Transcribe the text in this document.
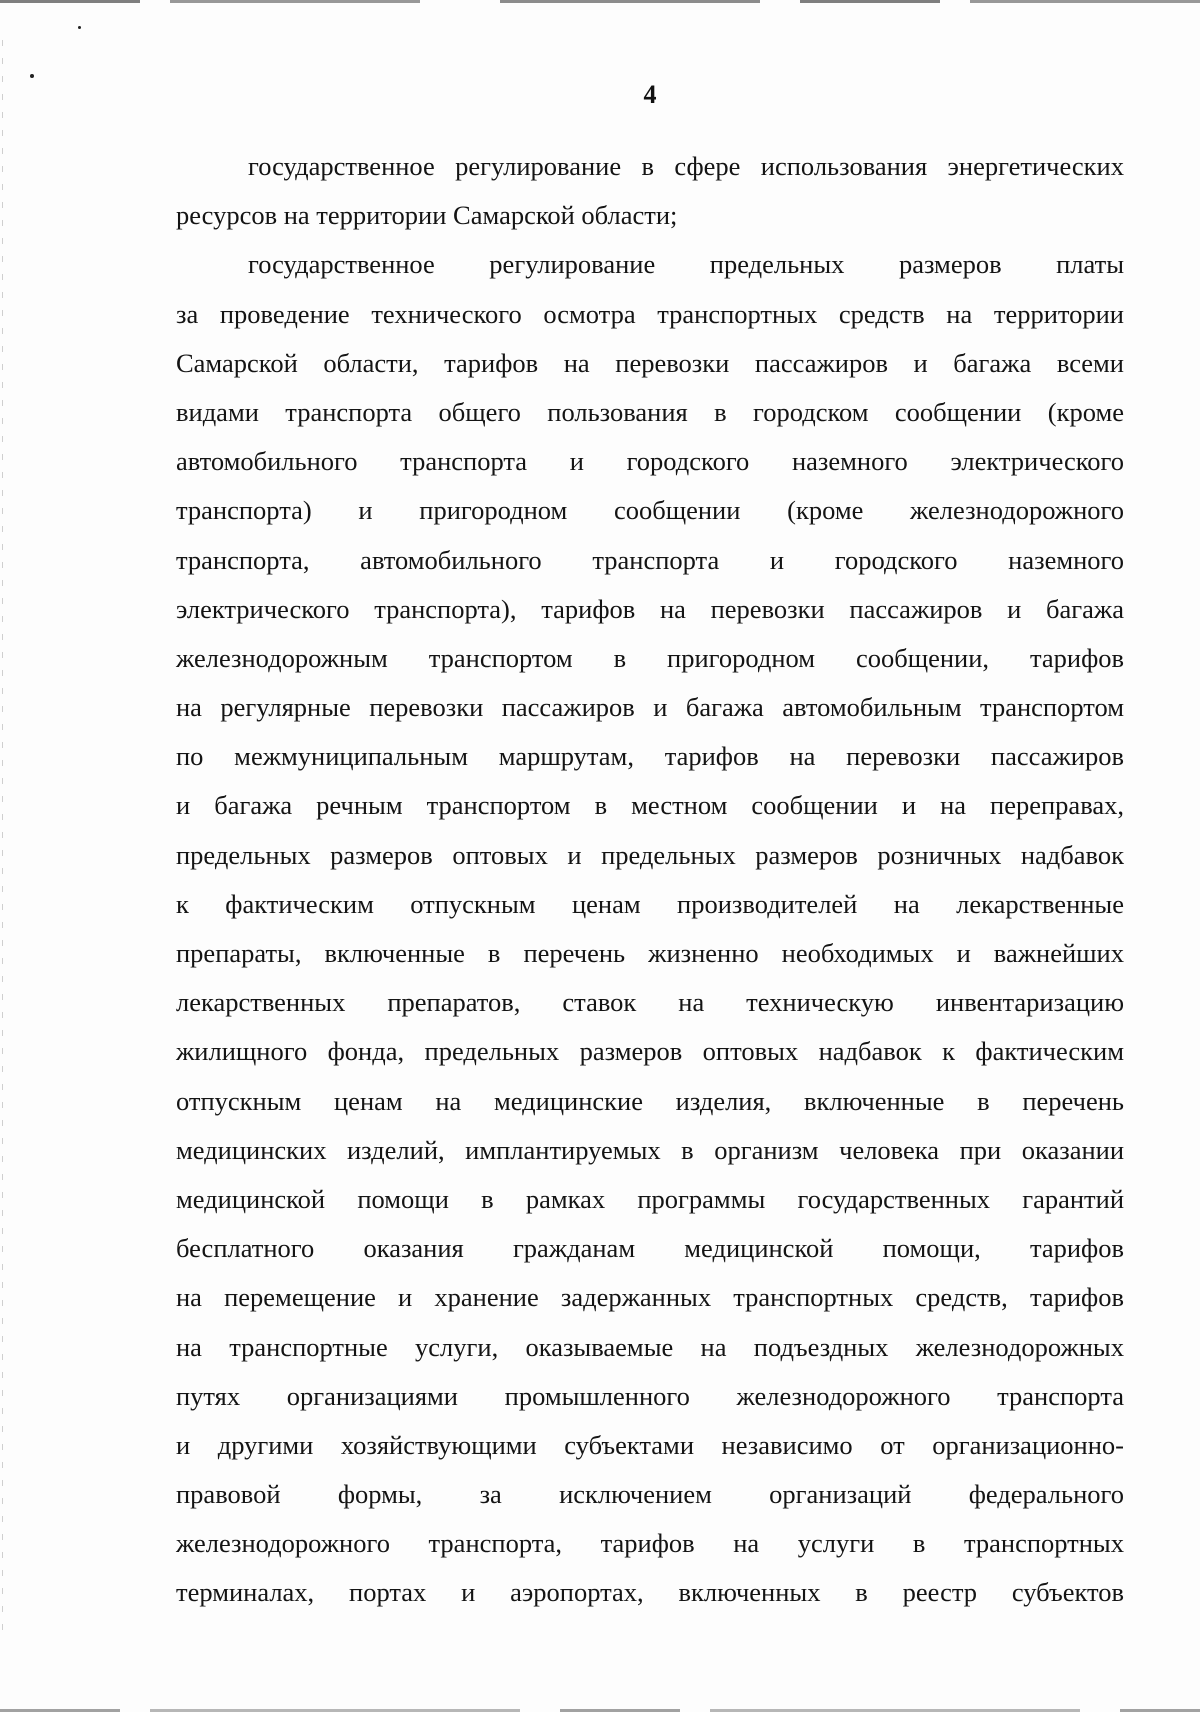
4
государственное регулирование в сфере использования энергетических
ресурсов на территории Самарской области;
государственное регулирование предельных размеров платы
за проведение технического осмотра транспортных средств на территории
Самарской области, тарифов на перевозки пассажиров и багажа всеми
видами транспорта общего пользования в городском сообщении (кроме
автомобильного транспорта и городского наземного электрического
транспорта) и пригородном сообщении (кроме железнодорожного
транспорта, автомобильного транспорта и городского наземного
электрического транспорта), тарифов на перевозки пассажиров и багажа
железнодорожным транспортом в пригородном сообщении, тарифов
на регулярные перевозки пассажиров и багажа автомобильным транспортом
по межмуниципальным маршрутам, тарифов на перевозки пассажиров
и багажа речным транспортом в местном сообщении и на переправах,
предельных размеров оптовых и предельных размеров розничных надбавок
к фактическим отпускным ценам производителей на лекарственные
препараты, включенные в перечень жизненно необходимых и важнейших
лекарственных препаратов, ставок на техническую инвентаризацию
жилищного фонда, предельных размеров оптовых надбавок к фактическим
отпускным ценам на медицинские изделия, включенные в перечень
медицинских изделий, имплантируемых в организм человека при оказании
медицинской помощи в рамках программы государственных гарантий
бесплатного оказания гражданам медицинской помощи, тарифов
на перемещение и хранение задержанных транспортных средств, тарифов
на транспортные услуги, оказываемые на подъездных железнодорожных
путях организациями промышленного железнодорожного транспорта
и другими хозяйствующими субъектами независимо от организационно-
правовой формы, за исключением организаций федерального
железнодорожного транспорта, тарифов на услуги в транспортных
терминалах, портах и аэропортах, включенных в реестр субъектов
